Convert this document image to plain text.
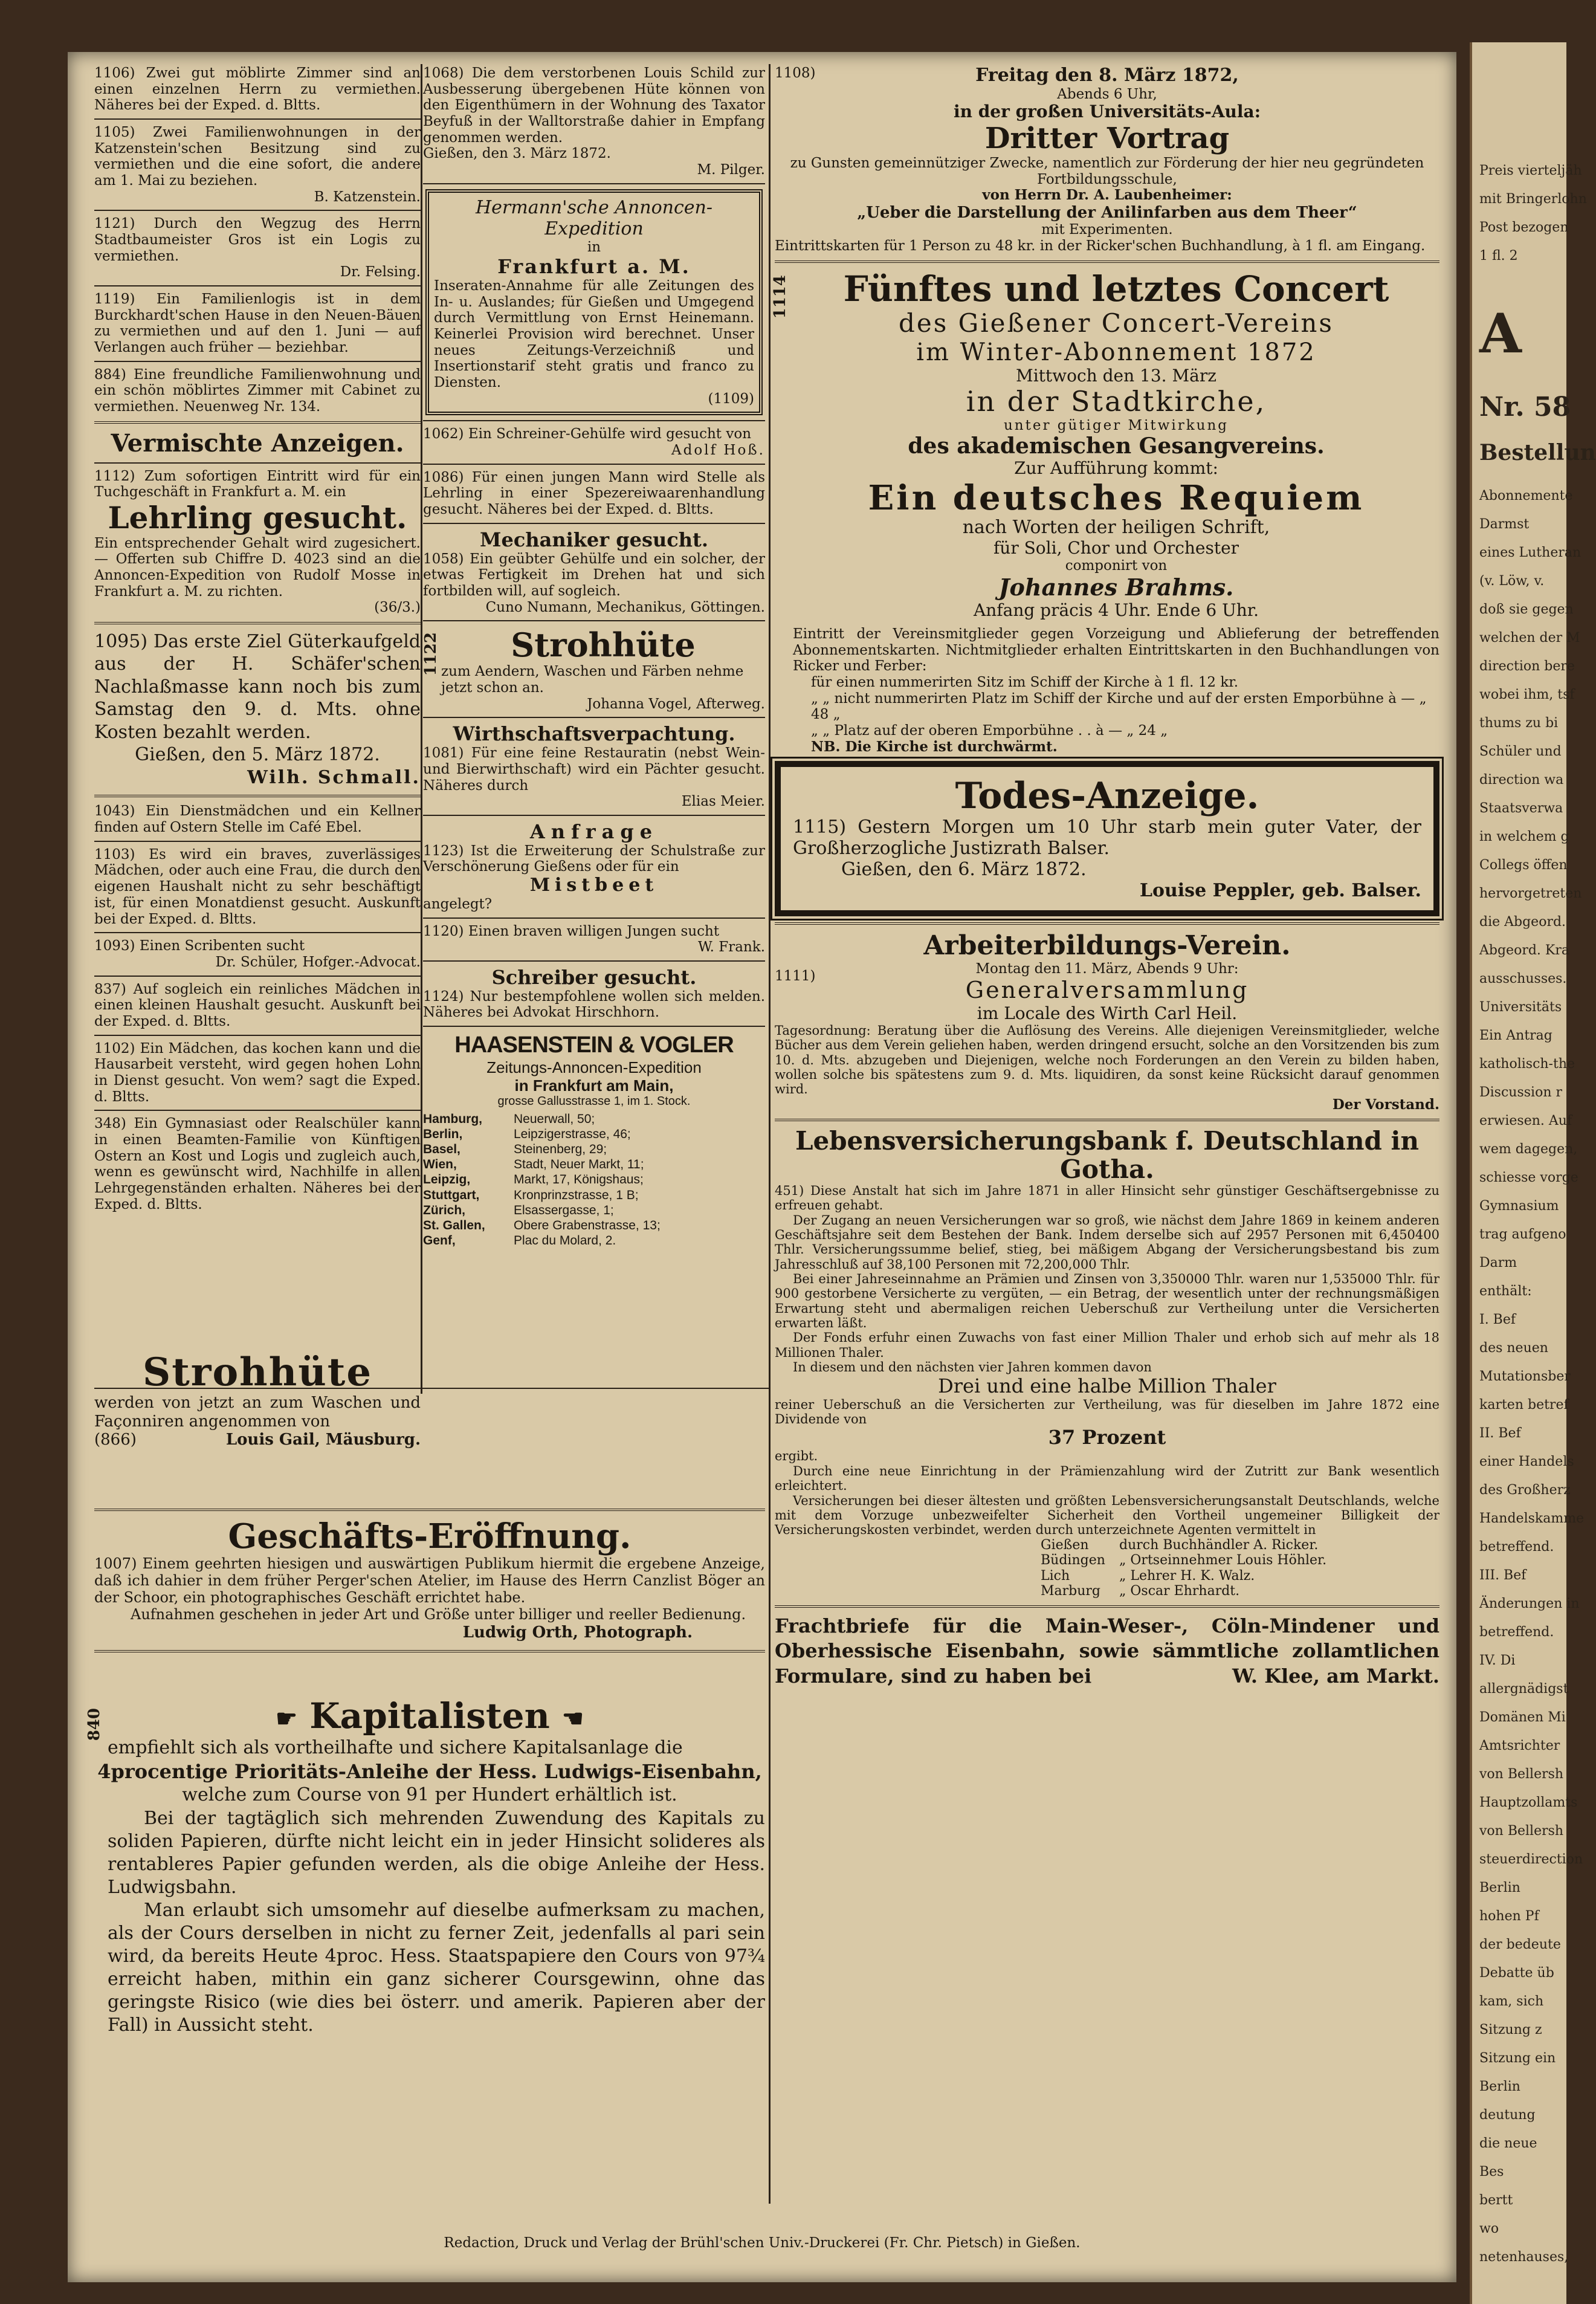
1106) Zwei gut möblirte Zimmer sind an einen einzelnen Herrn zu vermiethen. Näheres bei der Exped. d. Bltts.
1105) Zwei Familienwohnungen in der Katzenstein'schen Besitzung sind zu vermiethen und die eine sofort, die andere am 1. Mai zu beziehen.
B. Katzenstein.
1121) Durch den Wegzug des Herrn Stadtbaumeister Gros ist ein Logis zu vermiethen.
Dr. Felsing.
1119) Ein Familienlogis ist in dem Burckhardt'schen Hause in den Neuen-Bäuen zu vermiethen und auf den 1. Juni — auf Verlangen auch früher — beziehbar.
884) Eine freundliche Familienwohnung und ein schön möblirtes Zimmer mit Cabinet zu vermiethen. Neuenweg Nr. 134.
Vermischte Anzeigen.
1112) Zum sofortigen Eintritt wird für ein Tuchgeschäft in Frankfurt a. M. ein
Lehrling gesucht.
Ein entsprechender Gehalt wird zugesichert. — Offerten sub Chiffre D. 4023 sind an die Annoncen-Expedition von Rudolf Mosse in Frankfurt a. M. zu richten.
(36/3.)
1095) Das erste Ziel Güterkaufgeld aus der H. Schäfer'schen Nachlaßmasse kann noch bis zum Samstag den 9. d. Mts. ohne Kosten bezahlt werden.
Gießen, den 5. März 1872.
Wilh. Schmall.
1043) Ein Dienstmädchen und ein Kellner finden auf Ostern Stelle im Café Ebel.
1103) Es wird ein braves, zuverlässiges Mädchen, oder auch eine Frau, die durch den eigenen Haushalt nicht zu sehr beschäftigt ist, für einen Monatdienst gesucht. Auskunft bei der Exped. d. Bltts.
1093) Einen Scribenten sucht
Dr. Schüler, Hofger.-Advocat.
837) Auf sogleich ein reinliches Mädchen in einen kleinen Haushalt gesucht. Auskunft bei der Exped. d. Bltts.
1102) Ein Mädchen, das kochen kann und die Hausarbeit versteht, wird gegen hohen Lohn in Dienst gesucht. Von wem? sagt die Exped. d. Bltts.
348) Ein Gymnasiast oder Realschüler kann in einen Beamten-Familie von Künftigen Ostern an Kost und Logis und zugleich auch, wenn es gewünscht wird, Nachhilfe in allen Lehrgegenständen erhalten. Näheres bei der Exped. d. Bltts.
1068) Die dem verstorbenen Louis Schild zur Ausbesserung übergebenen Hüte können von den Eigenthümern in der Wohnung des Taxator Beyfuß in der Walltorstraße dahier in Empfang genommen werden.
Gießen, den 3. März 1872.
M. Pilger.
Hermann'sche Annoncen-Expedition
in
Frankfurt a. M.
Inseraten-Annahme für alle Zeitungen des In- u. Auslandes; für Gießen und Umgegend durch Vermittlung von Ernst Heinemann. Keinerlei Provision wird berechnet. Unser neues Zeitungs-Verzeichniß und Insertionstarif steht gratis und franco zu Diensten.
(1109)
1062) Ein Schreiner-Gehülfe wird gesucht von
Adolf Hoß.
1086) Für einen jungen Mann wird Stelle als Lehrling in einer Spezereiwaarenhandlung gesucht. Näheres bei der Exped. d. Bltts.
Mechaniker gesucht.
1058) Ein geübter Gehülfe und ein solcher, der etwas Fertigkeit im Drehen hat und sich fortbilden will, auf sogleich.
Cuno Numann, Mechanikus, Göttingen.
1122	Strohhüte
zum Aendern, Waschen und Färben nehme jetzt schon an.
Johanna Vogel, Afterweg.
Wirthschaftsverpachtung.
1081) Für eine feine Restauratin (nebst Wein- und Bierwirthschaft) wird ein Pächter gesucht. Näheres durch
Elias Meier.
Anfrage
1123) Ist die Erweiterung der Schulstraße zur Verschönerung Gießens oder für ein
Mistbeet
angelegt?
1120) Einen braven willigen Jungen sucht
W. Frank.
Schreiber gesucht.
1124) Nur bestempfohlene wollen sich melden. Näheres bei Advokat Hirschhorn.
HAASENSTEIN & VOGLER
Zeitungs-Annoncen-Expedition
in Frankfurt am Main,
grosse Gallusstrasse 1, im 1. Stock.
Hamburg,	Neuerwall, 50;
Berlin,	Leipzigerstrasse, 46;
Basel,	Steinenberg, 29;
Wien,	Stadt, Neuer Markt, 11;
Leipzig,	Markt, 17, Königshaus;
Stuttgart,	Kronprinzstrasse, 1 B;
Zürich,	Elsassergasse, 1;
St. Gallen,	Obere Grabenstrasse, 13;
Genf,	Plac du Molard, 2.
Strohhüte
werden von jetzt an zum Waschen und Façonniren angenommen von
(866)	Louis Gail, Mäusburg.
Geschäfts-Eröffnung.
1007) Einem geehrten hiesigen und auswärtigen Publikum hiermit die ergebene Anzeige, daß ich dahier in dem früher Perger'schen Atelier, im Hause des Herrn Canzlist Böger an der Schoor, ein photographisches Geschäft errichtet habe.
Aufnahmen geschehen in jeder Art und Größe unter billiger und reeller Bedienung.
Ludwig Orth, Photograph.
840	☛ Kapitalisten ☚
empfiehlt sich als vortheilhafte und sichere Kapitalsanlage die
4procentige Prioritäts-Anleihe der Hess. Ludwigs-Eisenbahn,
welche zum Course von 91 per Hundert erhältlich ist.
Bei der tagtäglich sich mehrenden Zuwendung des Kapitals zu soliden Papieren, dürfte nicht leicht ein in jeder Hinsicht solideres als rentableres Papier gefunden werden, als die obige Anleihe der Hess. Ludwigsbahn.
Man erlaubt sich umsomehr auf dieselbe aufmerksam zu machen, als der Cours derselben in nicht zu ferner Zeit, jedenfalls al pari sein wird, da bereits Heute 4proc. Hess. Staatspapiere den Cours von 97¾ erreicht haben, mithin ein ganz sicherer Coursgewinn, ohne das geringste Risico (wie dies bei österr. und amerik. Papieren aber der Fall) in Aussicht steht.
1108)	Freitag den 8. März 1872,
Abends 6 Uhr,
in der großen Universitäts-Aula:
Dritter Vortrag
zu Gunsten gemeinnütziger Zwecke, namentlich zur Förderung der hier neu gegründeten Fortbildungsschule,
von Herrn Dr. A. Laubenheimer:
„Ueber die Darstellung der Anilinfarben aus dem Theer“
mit Experimenten.
Eintrittskarten für 1 Person zu 48 kr. in der Ricker'schen Buchhandlung, à 1 fl. am Eingang.
1114	Fünftes und letztes Concert
des Gießener Concert-Vereins
im Winter-Abonnement 1872
Mittwoch den 13. März
in der Stadtkirche,
unter gütiger Mitwirkung
des akademischen Gesangvereins.
Zur Aufführung kommt:
Ein deutsches Requiem
nach Worten der heiligen Schrift,
für Soli, Chor und Orchester
componirt von
Johannes Brahms.
Anfang präcis 4 Uhr. Ende 6 Uhr.
Eintritt der Vereinsmitglieder gegen Vorzeigung und Ablieferung der betreffenden Abonnementskarten. Nichtmitglieder erhalten Eintrittskarten in den Buchhandlungen von Ricker und Ferber:
für einen nummerirten Sitz im Schiff der Kirche à 1 fl. 12 kr.
„ „ nicht nummerirten Platz im Schiff der Kirche und auf der ersten Emporbühne à — „ 48 „
„ „ Platz auf der oberen Emporbühne . . à — „ 24 „
NB. Die Kirche ist durchwärmt.
Todes-Anzeige.
1115) Gestern Morgen um 10 Uhr starb mein guter Vater, der Großherzogliche Justizrath Balser.
Gießen, den 6. März 1872.
Louise Peppler, geb. Balser.
Arbeiterbildungs-Verein.
1111)	Montag den 11. März, Abends 9 Uhr:
Generalversammlung
im Locale des Wirth Carl Heil.
Tagesordnung: Beratung über die Auflösung des Vereins. Alle diejenigen Vereinsmitglieder, welche Bücher aus dem Verein geliehen haben, werden dringend ersucht, solche an den Vorsitzenden bis zum 10. d. Mts. abzugeben und Diejenigen, welche noch Forderungen an den Verein zu bilden haben, wollen solche bis spätestens zum 9. d. Mts. liquidiren, da sonst keine Rücksicht darauf genommen wird.
Der Vorstand.
Lebensversicherungsbank f. Deutschland in Gotha.
451) Diese Anstalt hat sich im Jahre 1871 in aller Hinsicht sehr günstiger Geschäftsergebnisse zu erfreuen gehabt.
Der Zugang an neuen Versicherungen war so groß, wie nächst dem Jahre 1869 in keinem anderen Geschäftsjahre seit dem Bestehen der Bank. Indem derselbe sich auf 2957 Personen mit 6,450400 Thlr. Versicherungssumme belief, stieg, bei mäßigem Abgang der Versicherungsbestand bis zum Jahresschluß auf 38,100 Personen mit 72,200,000 Thlr.
Bei einer Jahreseinnahme an Prämien und Zinsen von 3,350000 Thlr. waren nur 1,535000 Thlr. für 900 gestorbene Versicherte zu vergüten, — ein Betrag, der wesentlich unter der rechnungsmäßigen Erwartung steht und abermaligen reichen Ueberschuß zur Vertheilung unter die Versicherten erwarten läßt.
Der Fonds erfuhr einen Zuwachs von fast einer Million Thaler und erhob sich auf mehr als 18 Millionen Thaler.
In diesem und den nächsten vier Jahren kommen davon
Drei und eine halbe Million Thaler
reiner Ueberschuß an die Versicherten zur Vertheilung, was für dieselben im Jahre 1872 eine Dividende von
37 Prozent
ergibt.
Durch eine neue Einrichtung in der Prämienzahlung wird der Zutritt zur Bank wesentlich erleichtert.
Versicherungen bei dieser ältesten und größten Lebensversicherungsanstalt Deutschlands, welche mit dem Vorzuge unbezweifelter Sicherheit den Vortheil ungemeiner Billigkeit der Versicherungskosten verbindet, werden durch unterzeichnete Agenten vermittelt in
Gießen	durch Buchhändler A. Ricker.
Büdingen	„ Ortseinnehmer Louis Höhler.
Lich	„ Lehrer H. K. Walz.
Marburg	„ Oscar Ehrhardt.
Frachtbriefe für die Main-Weser-, Cöln-Mindener und Oberhessische Eisenbahn, sowie sämmtliche zollamtlichen Formulare, sind zu haben bei	W. Klee, am Markt.
Redaction, Druck und Verlag der Brühl'schen Univ.-Druckerei (Fr. Chr. Pietsch) in Gießen.
Preis vierteljäh
mit Bringerlohn
Post bezogen
1 fl. 2
A
Nr. 58
Bestellun
Abonnemente
Darmst
eines Lutheran
(v. Löw, v.
doß sie gegen
welchen der M
direction bere
wobei ihm, tsf
thums zu bi
Schüler und
direction wa
Staatsverwa
in welchem g
Collegs öffen
hervorgetreten
die Abgeord.
Abgeord. Kra
ausschusses.
Universitäts
Ein Antrag
katholisch-the
Discussion r
erwiesen. Auf
wem dagegen,
schiesse vorge
Gymnasium
trag aufgeno
Darm
enthält:
I. Bef
des neuen
Mutationsber
karten betref
II. Bef
einer Handels
des Großherz
Handelskamme
betreffend.
III. Bef
Änderungen in
betreffend.
IV. Di
allergnädigst
Domänen Mi
Amtsrichter
von Bellersh
Hauptzollamts
von Bellersh
steuerdirection
Berlin
hohen Pf
der bedeute
Debatte üb
kam, sich
Sitzung z
Sitzung ein
Berlin
deutung
die neue
Bes
bertt
wo
netenhauses,
